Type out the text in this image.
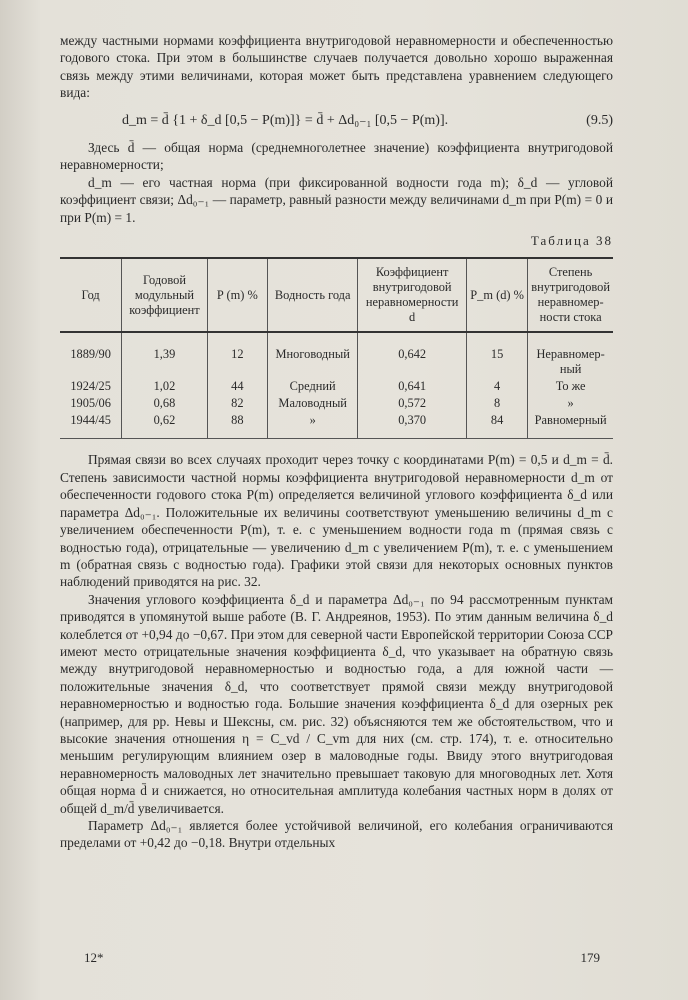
между частными нормами коэффициента внутригодовой неравномерности и обеспеченностью годового стока. При этом в большинстве случаев получается довольно хорошо выраженная связь между этими величинами, которая может быть представлена уравнением следующего вида:

d_m = d̄ {1 + δ_d [0,5 − P(m)]} = d̄ + Δd₀₋₁ [0,5 − P(m)].	(9.5)

Здесь d̄ — общая норма (среднемноголетнее значение) коэффициента внутригодовой неравномерности;

d_m — его частная норма (при фиксированной водности года m); δ_d — угловой коэффициент связи; Δd₀₋₁ — параметр, равный разности между величинами d_m при P(m) = 0 и при P(m) = 1.

Таблица 38
Год	Годовой модульный коэффициент	P (m) %	Водность года	Коэффициент внутригодовой неравномерности d	P_m (d) %	Степень внутригодовой неравномерности стока
1889/90	1,39	12	Многоводный	0,642	15	Неравномерный
1924/25	1,02	44	Средний	0,641	4	То же
1905/06	0,68	82	Маловодный	0,572	8	»
1944/45	0,62	88	»	0,370	84	Равномерный

Прямая связи во всех случаях проходит через точку с координатами P(m) = 0,5 и d_m = d̄. Степень зависимости частной нормы коэффициента внутригодовой неравномерности d_m от обеспеченности годового стока P(m) определяется величиной углового коэффициента δ_d или параметра Δd₀₋₁. Положительные их величины соответствуют уменьшению величины d_m с увеличением обеспеченности P(m), т. е. с уменьшением водности года m (прямая связь с водностью года), отрицательные — увеличению d_m с увеличением P(m), т. е. с уменьшением m (обратная связь с водностью года). Графики этой связи для некоторых основных пунктов наблюдений приводятся на рис. 32.

Значения углового коэффициента δ_d и параметра Δd₀₋₁ по 94 рассмотренным пунктам приводятся в упомянутой выше работе (В. Г. Андреянов, 1953). По этим данным величина δ_d колеблется от +0,94 до −0,67. При этом для северной части Европейской территории Союза ССР имеют место отрицательные значения коэффициента δ_d, что указывает на обратную связь между внутригодовой неравномерностью и водностью года, а для южной части — положительные значения δ_d, что соответствует прямой связи между внутригодовой неравномерностью и водностью года. Большие значения коэффициента δ_d для озерных рек (например, для рр. Невы и Шексны, см. рис. 32) объясняются тем же обстоятельством, что и высокие значения отношения η = C_vd / C_vm для них (см. стр. 174), т. е. относительно меньшим регулирующим влиянием озер в маловодные годы. Ввиду этого внутригодовая неравномерность маловодных лет значительно превышает таковую для многоводных лет. Хотя общая норма d̄ и снижается, но относительная амплитуда колебания частных норм в долях от общей d_m/d̄ увеличивается.

Параметр Δd₀₋₁ является более устойчивой величиной, его колебания ограничиваются пределами от +0,42 до −0,18. Внутри отдельных

12*	179
